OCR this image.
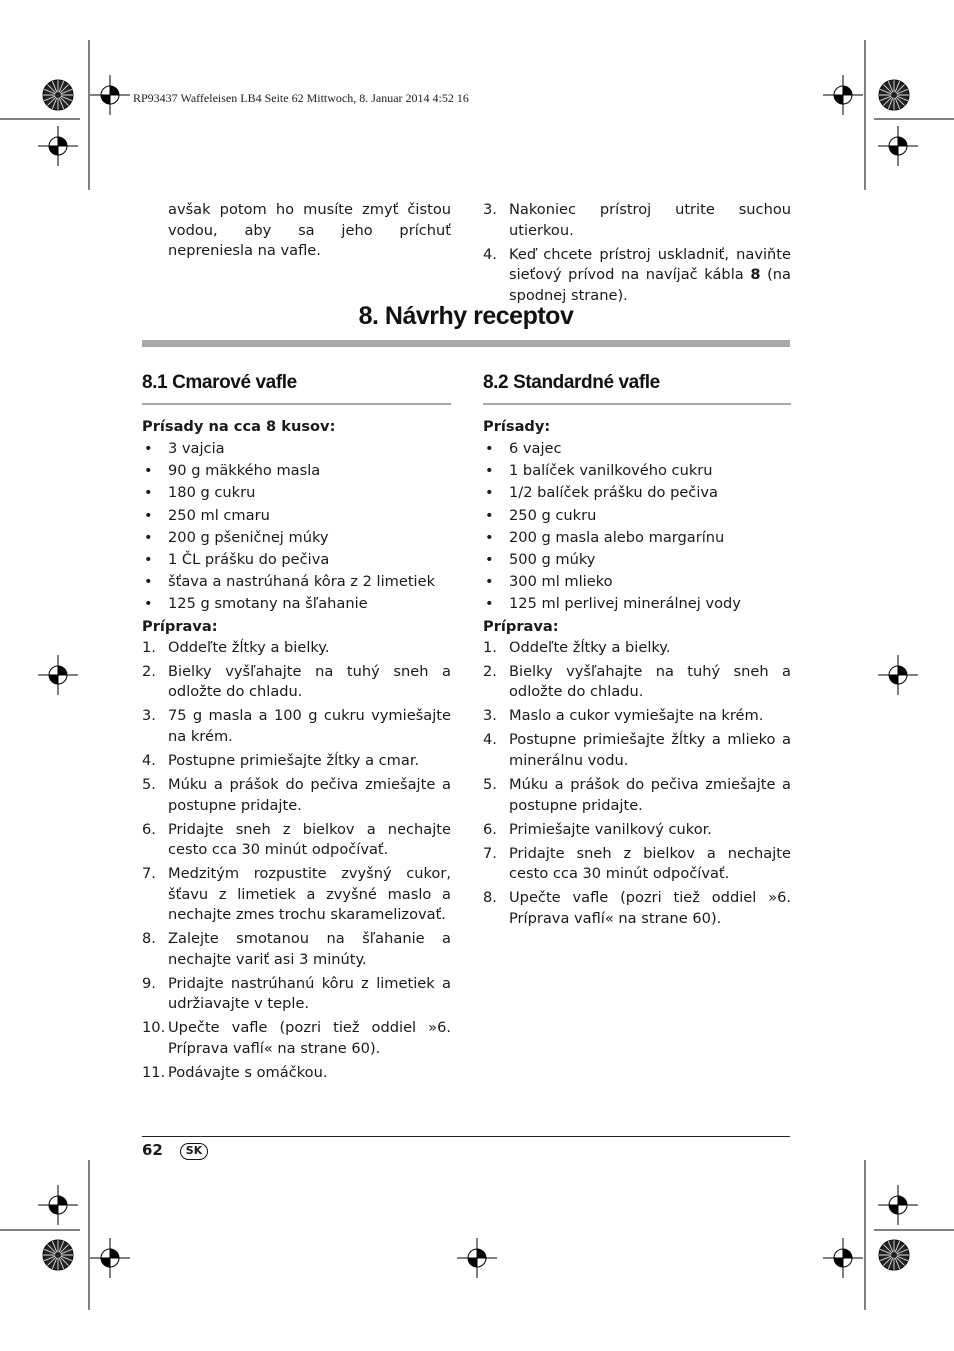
RP93437 Waffeleisen LB4 Seite 62 Mittwoch, 8. Januar 2014 4:52 16
avšak potom ho musíte zmyť čistou vodou, aby sa jeho príchuť nepreniesla na vafle.
3. Nakoniec prístroj utrite suchou utierkou.
4. Keď chcete prístroj uskladniť, naviňte sieťový prívod na navíjač kábla 8 (na spodnej strane).
8. Návrhy receptov
8.1 Cmarové vafle

Prísady na cca 8 kusov:

• 3 vajcia
• 90 g mäkkého masla
• 180 g cukru
• 250 ml cmaru
• 200 g pšeničnej múky
• 1 ČL prášku do pečiva
• šťava a nastrúhaná kôra z 2 limetiek
• 125 g smotany na šľahanie

Príprava:

1. Oddeľte žĺtky a bielky.
2. Bielky vyšľahajte na tuhý sneh a odložte do chladu.
3. 75 g masla a 100 g cukru vymiešajte na krém.
4. Postupne primiešajte žĺtky a cmar.
5. Múku a prášok do pečiva zmiešajte a postupne pridajte.
6. Pridajte sneh z bielkov a nechajte cesto cca 30 minút odpočívať.
7. Medzitým rozpustite zvyšný cukor, šťavu z limetiek a zvyšné maslo a nechajte zmes trochu skaramelizovať.
8. Zalejte smotanou na šľahanie a nechajte variť asi 3 minúty.
9. Pridajte nastrúhanú kôru z limetiek a udržiavajte v teple.
10. Upečte vafle (pozri tiež oddiel »6. Príprava vaflí« na strane 60).
11. Podávajte s omáčkou.
8.2 Standardné vafle

Prísady:

• 6 vajec
• 1 balíček vanilkového cukru
• 1/2 balíček prášku do pečiva
• 250 g cukru
• 200 g masla alebo margarínu
• 500 g múky
• 300 ml mlieko
• 125 ml perlivej minerálnej vody

Príprava:

1. Oddeľte žĺtky a bielky.
2. Bielky vyšľahajte na tuhý sneh a odložte do chladu.
3. Maslo a cukor vymiešajte na krém.
4. Postupne primiešajte žĺtky a mlieko a minerálnu vodu.
5. Múku a prášok do pečiva zmiešajte a postupne pridajte.
6. Primiešajte vanilkový cukor.
7. Pridajte sneh z bielkov a nechajte cesto cca 30 minút odpočívať.
8. Upečte vafle (pozri tiež oddiel »6. Príprava vaflí« na strane 60).
62	SK
